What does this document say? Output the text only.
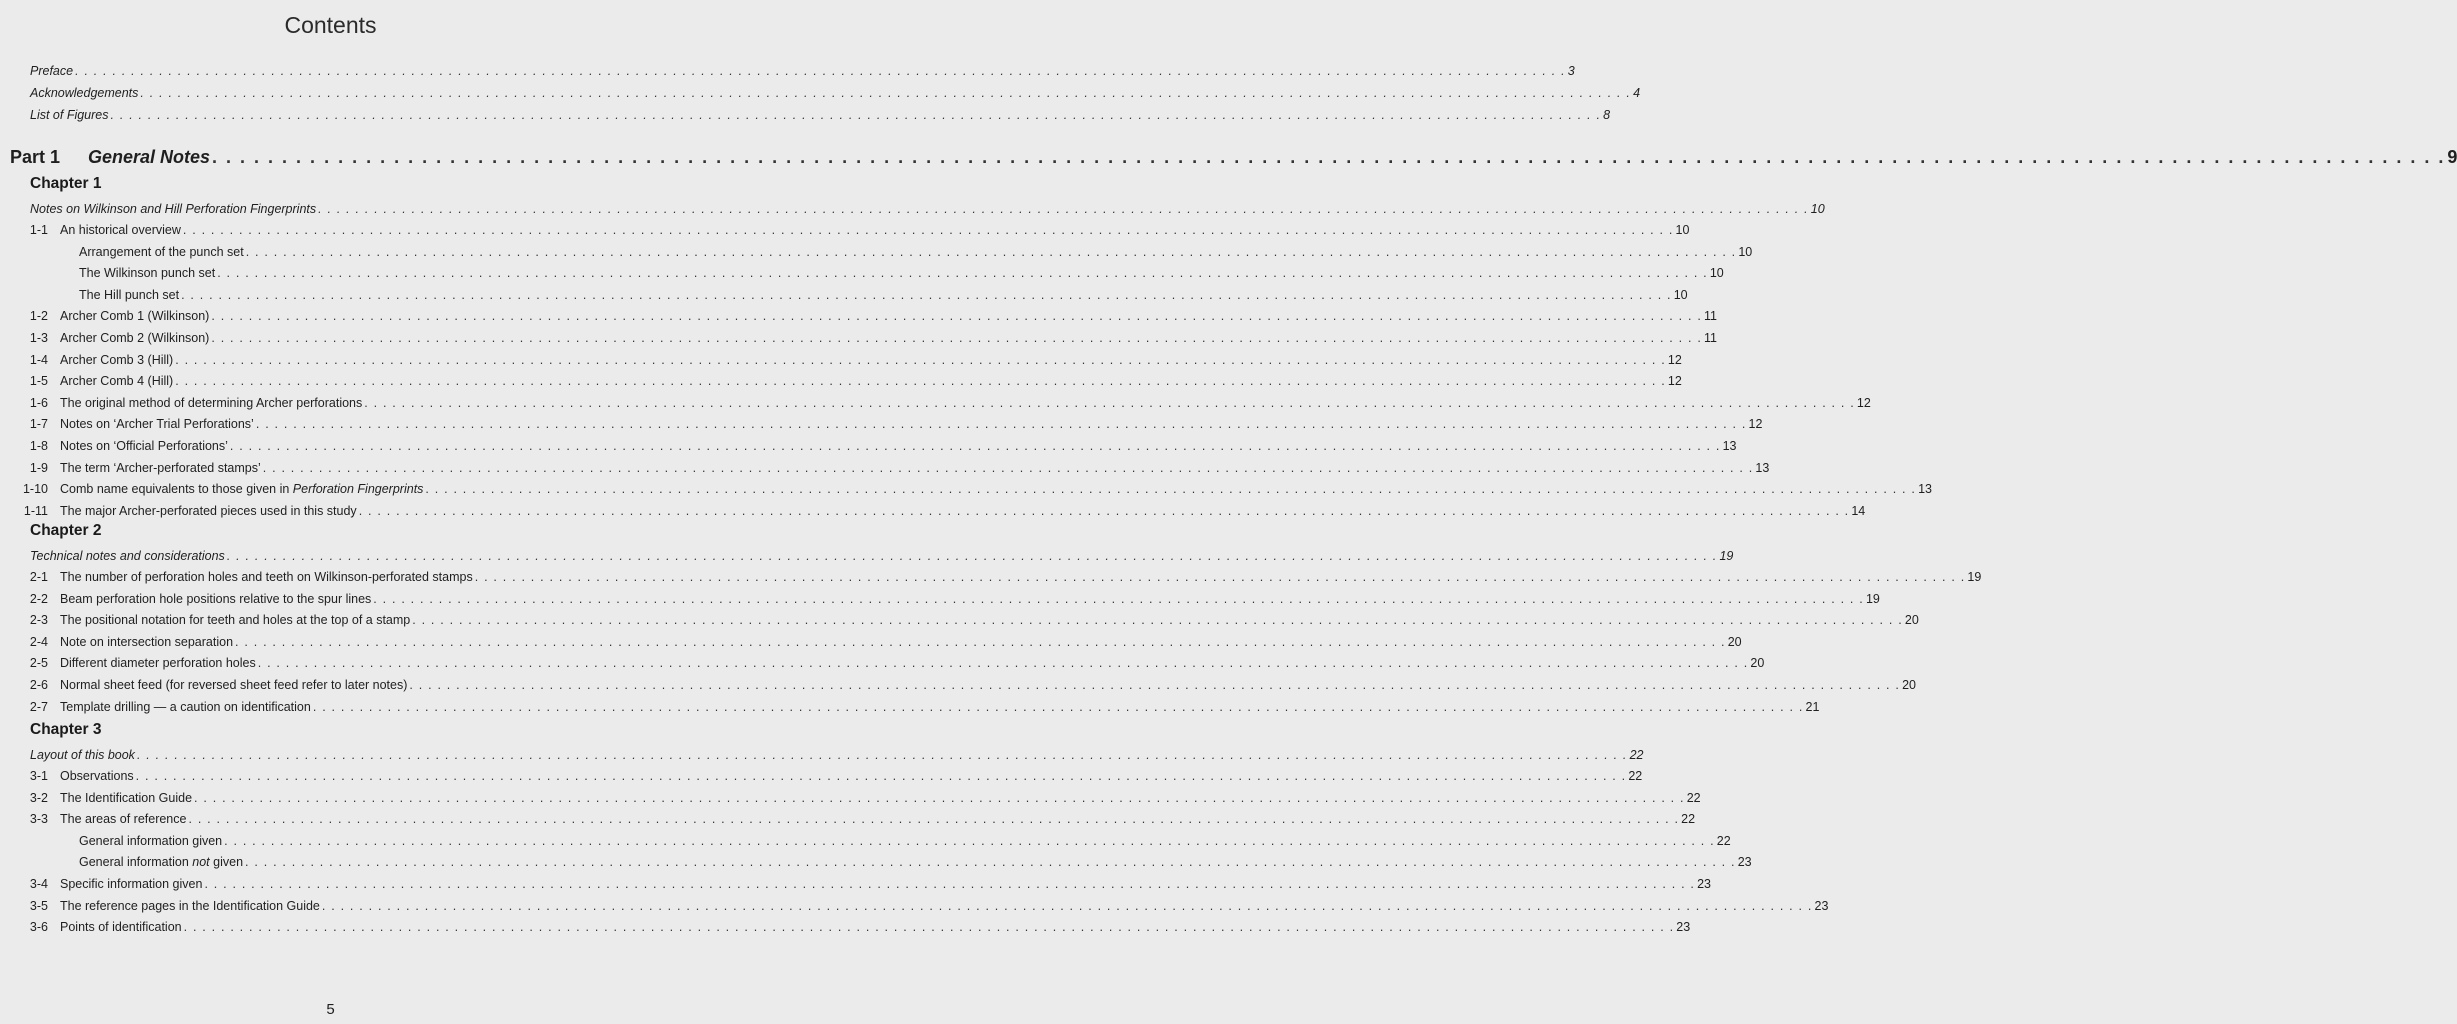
Contents
Preface . . .	3
Acknowledgements . . .	4
List of Figures . . .	8
Part 1	General Notes . . .	9
Chapter 1
Notes on Wilkinson and Hill Perforation Fingerprints . . .	10
1-1 An historical overview . . .	10
Arrangement of the punch set . . .	10
The Wilkinson punch set . . .	10
The Hill punch set . . .	10
1-2 Archer Comb 1 (Wilkinson) . . .	11
1-3 Archer Comb 2 (Wilkinson) . . .	11
1-4 Archer Comb 3 (Hill) . . .	12
1-5 Archer Comb 4 (Hill) . . .	12
1-6 The original method of determining Archer perforations . . .	12
1-7 Notes on ‘Archer Trial Perforations’ . . .	12
1-8 Notes on ‘Official Perforations’ . . .	13
1-9 The term ‘Archer-perforated stamps’ . . .	13
1-10 Comb name equivalents to those given in Perforation Fingerprints . . .	13
1-11 The major Archer-perforated pieces used in this study . . .	14
Chapter 2
Technical notes and considerations . . .	19
2-1 The number of perforation holes and teeth on Wilkinson-perforated stamps . . .	19
2-2 Beam perforation hole positions relative to the spur lines . . .	19
2-3 The positional notation for teeth and holes at the top of a stamp . . .	20
2-4 Note on intersection separation . . .	20
2-5 Different diameter perforation holes . . .	20
2-6 Normal sheet feed (for reversed sheet feed refer to later notes) . . .	20
2-7 Template drilling — a caution on identification . . .	21
Chapter 3
Layout of this book . . .	22
3-1 Observations . . .	22
3-2 The Identification Guide . . .	22
3-3 The areas of reference . . .	22
General information given . . .	22
General information not given . . .	23
3-4 Specific information given . . .	23
3-5 The reference pages in the Identification Guide . . .	23
3-6 Points of identification . . .	23
5
